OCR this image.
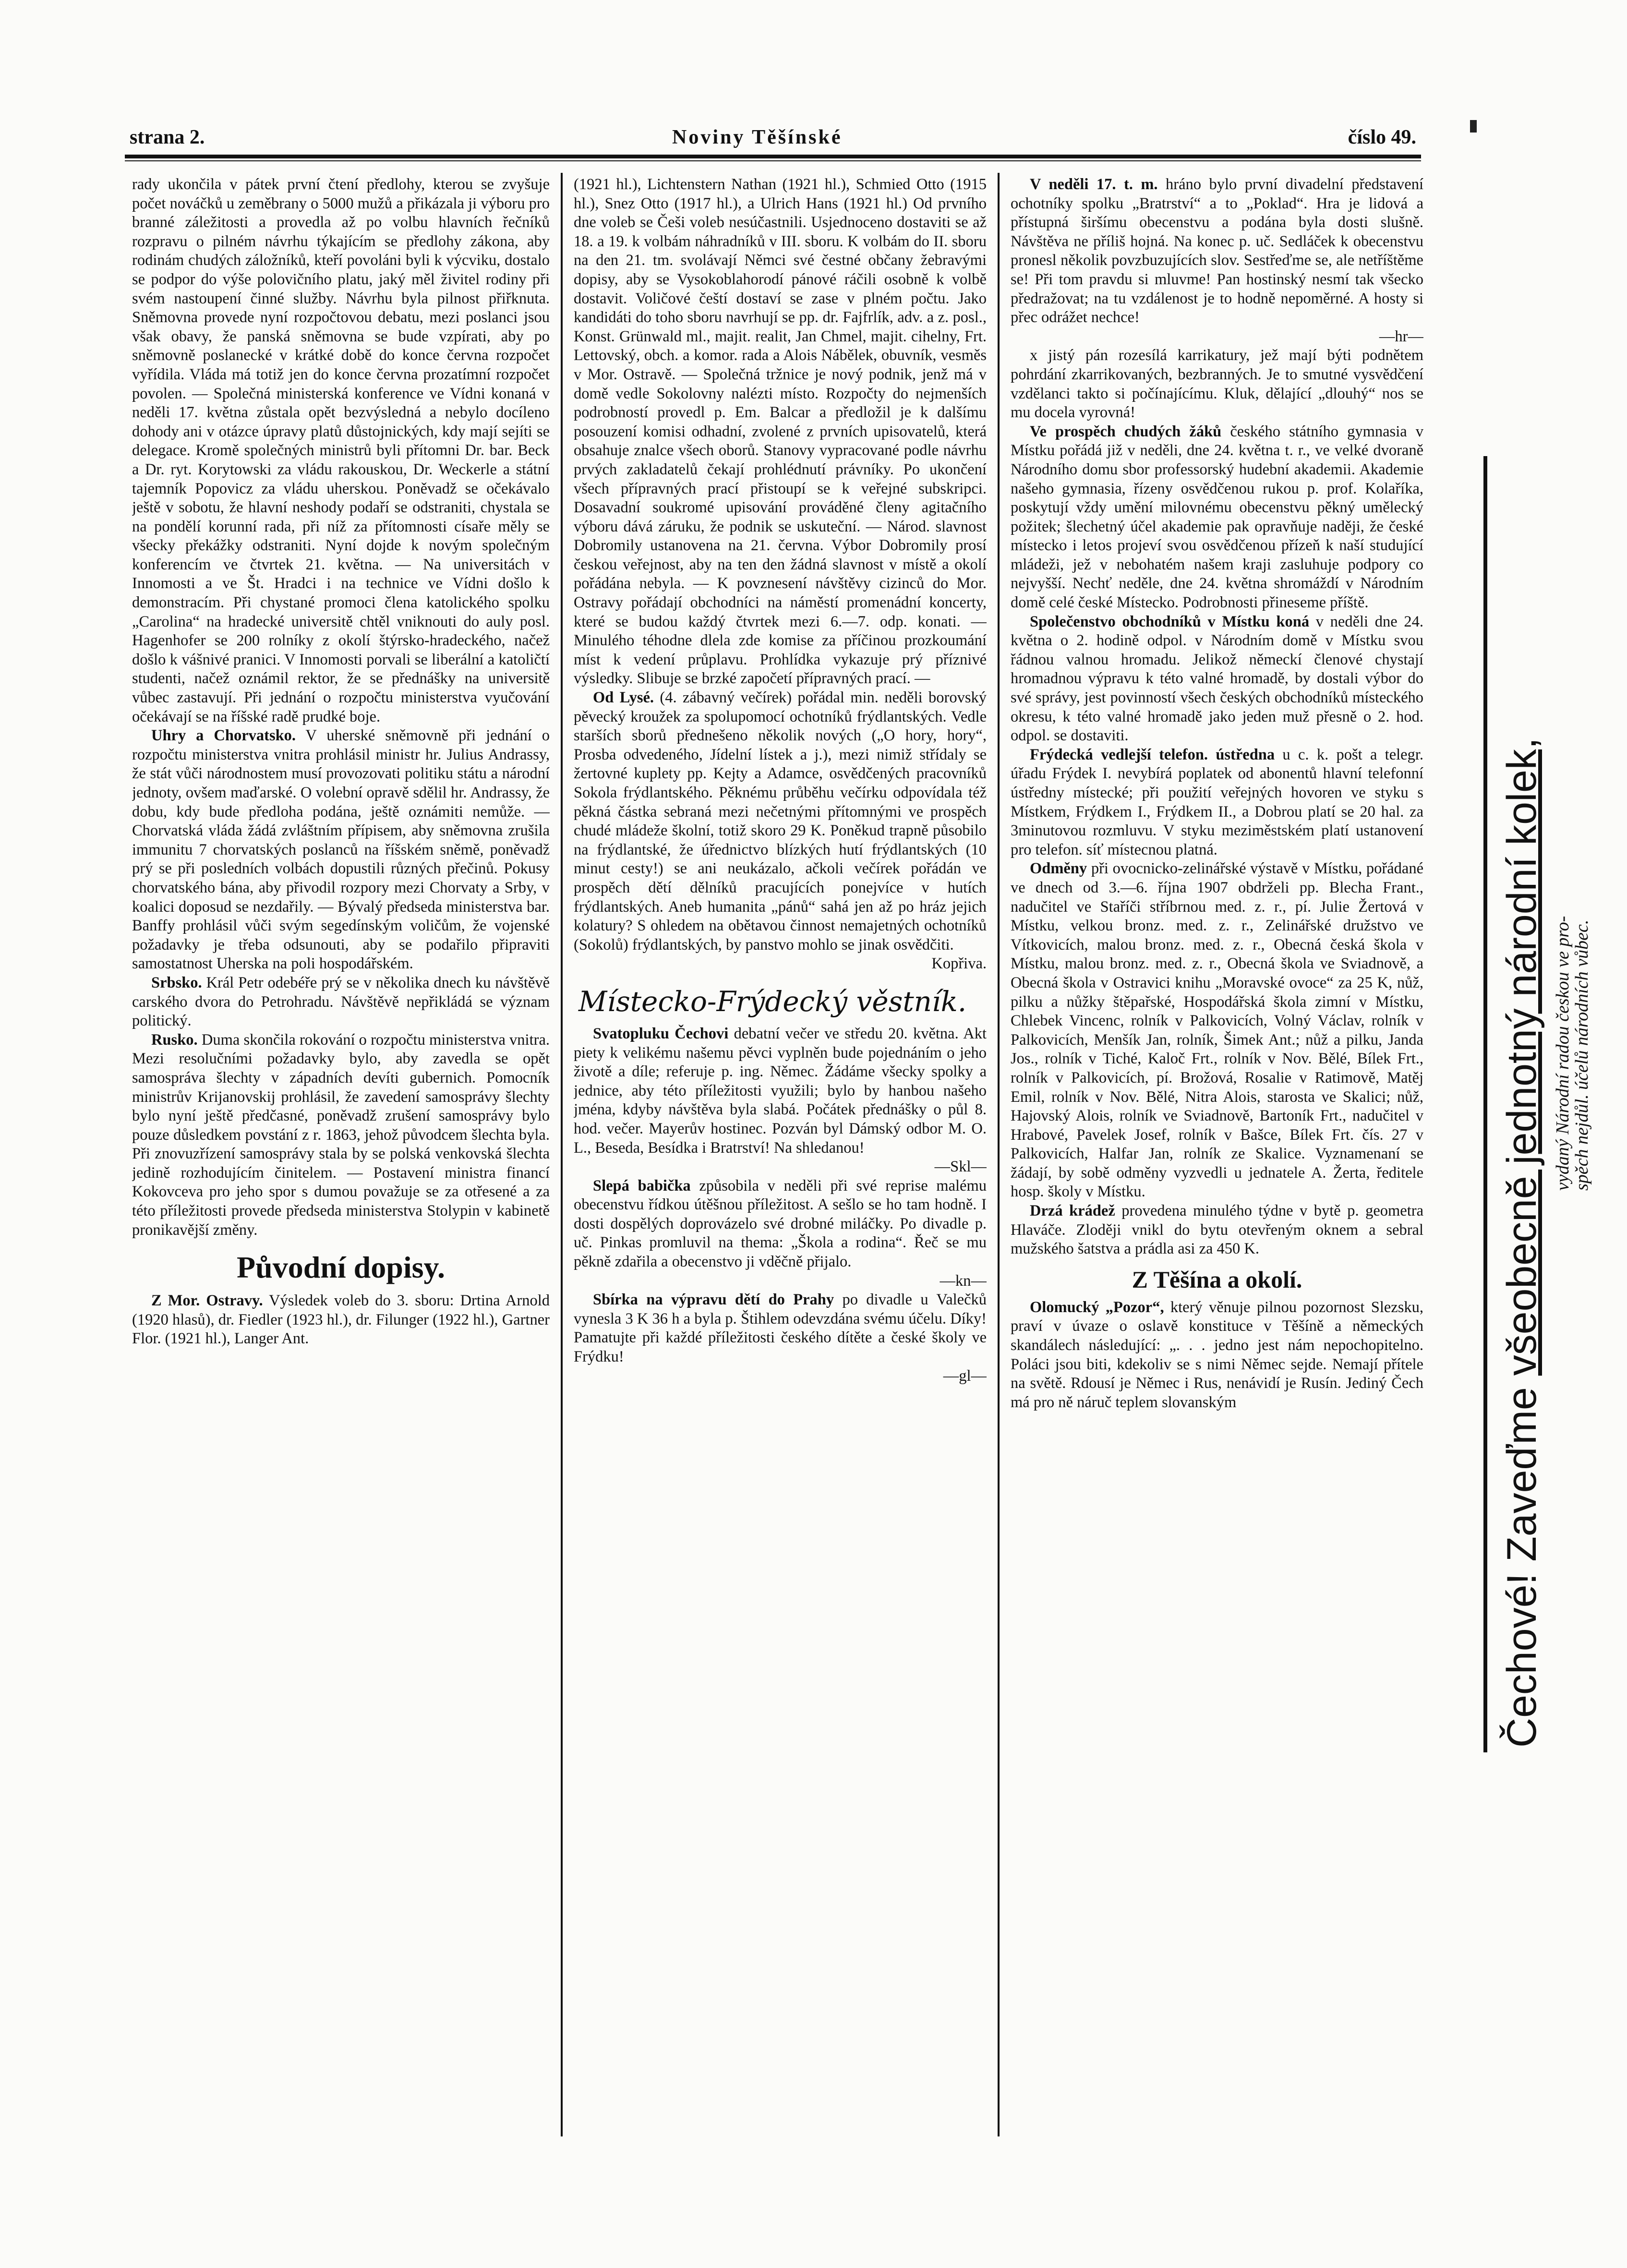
strana 2.	Noviny Těšínské	číslo 49.

rady ukončila v pátek první čtení předlohy, kterou se zvyšuje počet nováčků u zeměbrany o 5000 mužů a přikázala ji výboru pro branné záležitosti a provedla až po volbu hlavních řečníků rozpravu o pilném návrhu týkajícím se předlohy zákona, aby rodinám chudých záložníků, kteří povoláni byli k výcviku, dostalo se podpor do výše polovičního platu, jaký měl živitel rodiny při svém nastoupení činné služby. Návrhu byla pilnost přiřknuta. Sněmovna provede nyní rozpočtovou debatu, mezi poslanci jsou však obavy, že panská sněmovna se bude vzpírati, aby po sněmovně poslanecké v krátké době do konce června rozpočet vyřídila. Vláda má totiž jen do konce června prozatímní rozpočet povolen. — Společná ministerská konference ve Vídni konaná v neděli 17. května zůstala opět bezvýsledná a nebylo docíleno dohody ani v otázce úpravy platů důstojnických, kdy mají sejíti se delegace. Kromě společných ministrů byli přítomni Dr. bar. Beck a Dr. ryt. Korytowski za vládu rakouskou, Dr. Weckerle a státní tajemník Popovicz za vládu uherskou. Poněvadž se očekávalo ještě v sobotu, že hlavní neshody podaří se odstraniti, chystala se na pondělí korunní rada, při níž za přítomnosti císaře měly se všecky překážky odstraniti. Nyní dojde k novým společným konferencím ve čtvrtek 21. května. — Na universitách v Innomosti a ve Št. Hradci i na technice ve Vídni došlo k demonstracím. Při chystané promoci člena katolického spolku „Carolina“ na hradecké universitě chtěl vniknouti do auly posl. Hagenhofer se 200 rolníky z okolí štýrsko-hradeckého, načež došlo k vášnivé pranici. V Innomosti porvali se liberální a katoličtí studenti, načež oznámil rektor, že se přednášky na universitě vůbec zastavují. Při jednání o rozpočtu ministerstva vyučování očekávají se na říšské radě prudké boje.

Uhry a Chorvatsko. V uherské sněmovně při jednání o rozpočtu ministerstva vnitra prohlásil ministr hr. Julius Andrassy, že stát vůči národnostem musí provozovati politiku státu a národní jednoty, ovšem maďarské. O volební opravě sdělil hr. Andrassy, že dobu, kdy bude předloha podána, ještě oznámiti nemůže. — Chorvatská vláda žádá zvláštním přípisem, aby sněmovna zrušila immunitu 7 chorvatských poslanců na říšském sněmě, poněvadž prý se při posledních volbách dopustili různých přečinů. Pokusy chorvatského bána, aby přivodil rozpory mezi Chorvaty a Srby, v koalici doposud se nezdařily. — Bývalý předseda ministerstva bar. Banffy prohlásil vůči svým segedínským voličům, že vojenské požadavky je třeba odsunouti, aby se podařilo připraviti samostatnost Uherska na poli hospodářském.

Srbsko. Král Petr odebéře prý se v několika dnech ku návštěvě carského dvora do Petrohradu. Návštěvě nepřikládá se význam politický.

Rusko. Duma skončila rokování o rozpočtu ministerstva vnitra. Mezi resolučními požadavky bylo, aby zavedla se opět samospráva šlechty v západních devíti gubernich. Pomocník ministrův Krijanovskij prohlásil, že zavedení samosprávy šlechty bylo nyní ještě předčasné, poněvadž zrušení samosprávy bylo pouze důsledkem povstání z r. 1863, jehož původcem šlechta byla. Při znovuzřízení samosprávy stala by se polská venkovská šlechta jedině rozhodujícím činitelem. — Postavení ministra financí Kokovceva pro jeho spor s dumou považuje se za otřesené a za této příležitosti provede předseda ministerstva Stolypin v kabinetě pronikavější změny.

Původní dopisy.

Z Mor. Ostravy. Výsledek voleb do 3. sboru: Drtina Arnold (1920 hlasů), dr. Fiedler (1923 hl.), dr. Filunger (1922 hl.), Gartner Flor. (1921 hl.), Langer Ant.

(1921 hl.), Lichtenstern Nathan (1921 hl.), Schmied Otto (1915 hl.), Snez Otto (1917 hl.), a Ulrich Hans (1921 hl.) Od prvního dne voleb se Češi voleb nesúčastnili. Usjednoceno dostaviti se až 18. a 19. k volbám náhradníků v III. sboru. K volbám do II. sboru na den 21. tm. svolávají Němci své čestné občany žebravými dopisy, aby se Vysokoblahorodí pánové ráčili osobně k volbě dostavit. Voličové čeští dostaví se zase v plném počtu. Jako kandidáti do toho sboru navrhují se pp. dr. Fajfrlík, adv. a z. posl., Konst. Grünwald ml., majit. realit, Jan Chmel, majit. cihelny, Frt. Lettovský, obch. a komor. rada a Alois Nábělek, obuvník, vesměs v Mor. Ostravě. — Společná tržnice je nový podnik, jenž má v domě vedle Sokolovny nalézti místo. Rozpočty do nejmenších podrobností provedl p. Em. Balcar a předložil je k dalšímu posouzení komisi odhadní, zvolené z prvních upisovatelů, která obsahuje znalce všech oborů. Stanovy vypracované podle návrhu prvých zakladatelů čekají prohlédnutí právníky. Po ukončení všech přípravných prací přistoupí se k veřejné subskripci. Dosavadní soukromé upisování prováděné členy agitačního výboru dává záruku, že podnik se uskuteční. — Národ. slavnost Dobromily ustanovena na 21. června. Výbor Dobromily prosí českou veřejnost, aby na ten den žádná slavnost v místě a okolí pořádána nebyla. — K povznesení návštěvy cizinců do Mor. Ostravy pořádají obchodníci na náměstí promenádní koncerty, které se budou každý čtvrtek mezi 6.—7. odp. konati. — Minulého téhodne dlela zde komise za příčinou prozkoumání míst k vedení průplavu. Prohlídka vykazuje prý příznivé výsledky. Slibuje se brzké započetí přípravných prací. —

Od Lysé. (4. zábavný večírek) pořádal min. neděli borovský pěvecký kroužek za spolupomocí ochotníků frýdlantských. Vedle starších sborů přednešeno několik nových („O hory, hory“, Prosba odvedeného, Jídelní lístek a j.), mezi nimiž střídaly se žertovné kuplety pp. Kejty a Adamce, osvědčených pracovníků Sokola frýdlantského. Pěknému průběhu večírku odpovídala též pěkná částka sebraná mezi nečetnými přítomnými ve prospěch chudé mládeže školní, totiž skoro 29 K. Poněkud trapně působilo na frýdlantské, že úřednictvo blízkých hutí frýdlantských (10 minut cesty!) se ani neukázalo, ačkoli večírek pořádán ve prospěch dětí dělníků pracujících ponejvíce v hutích frýdlantských. Aneb humanita „pánů“ sahá jen až po hráz jejich kolatury? S ohledem na obětavou činnost nemajetných ochotníků (Sokolů) frýdlantských, by panstvo mohlo se jinak osvědčiti.

Kopřiva.

Místecko-Frýdecký věstník.

Svatopluku Čechovi debatní večer ve středu 20. května. Akt piety k velikému našemu pěvci vyplněn bude pojednáním o jeho životě a díle; referuje p. ing. Němec. Žádáme všecky spolky a jednice, aby této příležitosti využili; bylo by hanbou našeho jména, kdyby návštěva byla slabá. Počátek přednášky o půl 8. hod. večer. Mayerův hostinec. Pozván byl Dámský odbor M. O. L., Beseda, Besídka i Bratrství! Na shledanou!

—Skl—

Slepá babička způsobila v neděli při své reprise malému obecenstvu řídkou útěšnou příležitost. A sešlo se ho tam hodně. I dosti dospělých doprovázelo své drobné miláčky. Po divadle p. uč. Pinkas promluvil na thema: „Škola a rodina“. Řeč se mu pěkně zdařila a obecenstvo ji vděčně přijalo.

—kn—

Sbírka na výpravu dětí do Prahy po divadle u Valečků vynesla 3 K 36 h a byla p. Štihlem odevzdána svému účelu. Díky! Pamatujte při každé příležitosti českého dítěte a české školy ve Frýdku!

—gl—

V neděli 17. t. m. hráno bylo první divadelní představení ochotníky spolku „Bratrství“ a to „Poklad“. Hra je lidová a přístupná širšímu obecenstvu a podána byla dosti slušně. Návštěva ne příliš hojná. Na konec p. uč. Sedláček k obecenstvu pronesl několik povzbuzujících slov. Sestřeďme se, ale netříštěme se! Při tom pravdu si mluvme! Pan hostinský nesmí tak všecko předražovat; na tu vzdálenost je to hodně nepoměrné. A hosty si přec odrážet nechce!

—hr—

x jistý pán rozesílá karrikatury, jež mají býti podnětem pohrdání zkarrikovaných, bezbranných. Je to smutné vysvědčení vzdělanci takto si počínajícímu. Kluk, dělající „dlouhý“ nos se mu docela vyrovná!

Ve prospěch chudých žáků českého státního gymnasia v Místku pořádá již v neděli, dne 24. května t. r., ve velké dvoraně Národního domu sbor professorský hudební akademii. Akademie našeho gymnasia, řízeny osvědčenou rukou p. prof. Kolaříka, poskytují vždy umění milovnému obecenstvu pěkný umělecký požitek; šlechetný účel akademie pak opravňuje naději, že české místecko i letos projeví svou osvědčenou přízeň k naší studující mládeži, jež v nebohatém našem kraji zasluhuje podpory co nejvyšší. Nechť neděle, dne 24. května shromáždí v Národním domě celé české Místecko. Podrobnosti přineseme příště.

Společenstvo obchodníků v Místku koná v neděli dne 24. května o 2. hodině odpol. v Národním domě v Místku svou řádnou valnou hromadu. Jelikož německí členové chystají hromadnou výpravu k této valné hromadě, by dostali výbor do své správy, jest povinností všech českých obchodníků místeckého okresu, k této valné hromadě jako jeden muž přesně o 2. hod. odpol. se dostaviti.

Frýdecká vedlejší telefon. ústředna u c. k. pošt a telegr. úřadu Frýdek I. nevybírá poplatek od abonentů hlavní telefonní ústředny místecké; při použití veřejných hovoren ve styku s Místkem, Frýdkem I., Frýdkem II., a Dobrou platí se 20 hal. za 3minutovou rozmluvu. V styku meziměstském platí ustanovení pro telefon. síť místecnou platná.

Odměny při ovocnicko-zelinářské výstavě v Místku, pořádané ve dnech od 3.—6. října 1907 obdrželi pp. Blecha Frant., nadučitel ve Staříči stříbrnou med. z. r., pí. Julie Žertová v Místku, velkou bronz. med. z. r., Zelinářské družstvo ve Vítkovicích, malou bronz. med. z. r., Obecná česká škola v Místku, malou bronz. med. z. r., Obecná škola ve Sviadnově, a Obecná škola v Ostravici knihu „Moravské ovoce“ za 25 K, nůž, pilku a nůžky štěpařské, Hospodářská škola zimní v Místku, Chlebek Vincenc, rolník v Palkovicích, Volný Václav, rolník v Palkovicích, Menšík Jan, rolník, Šimek Ant.; nůž a pilku, Janda Jos., rolník v Tiché, Kaloč Frt., rolník v Nov. Bělé, Bílek Frt., rolník v Palkovicích, pí. Brožová, Rosalie v Ratimově, Matěj Emil, rolník v Nov. Bělé, Nitra Alois, starosta ve Skalici; nůž, Hajovský Alois, rolník ve Sviadnově, Bartoník Frt., nadučitel v Hrabové, Pavelek Josef, rolník v Bašce, Bílek Frt. čís. 27 v Palkovicích, Halfar Jan, rolník ze Skalice. Vyznamenaní se žádají, by sobě odměny vyzvedli u jednatele A. Žerta, ředitele hosp. školy v Místku.

Drzá krádež provedena minulého týdne v bytě p. geometra Hlaváče. Zloději vnikl do bytu otevřeným oknem a sebral mužského šatstva a prádla asi za 450 K.

Z Těšína a okolí.

Olomucký „Pozor“, který věnuje pilnou pozornost Slezsku, praví v úvaze o oslavě konstituce v Těšíně a německých skandálech následující: „. . . jedno jest nám nepochopitelno. Poláci jsou biti, kdekoliv se s nimi Němec sejde. Nemají přítele na světě. Rdousí je Němec i Rus, nenávidí je Rusín. Jediný Čech má pro ně náruč teplem slovanským	Čechové! Zaveďme všeobecně jednotný národní kolek, vydaný Národní radou českou ve pro-
spěch nejdůl. účelů národních vůbec.
